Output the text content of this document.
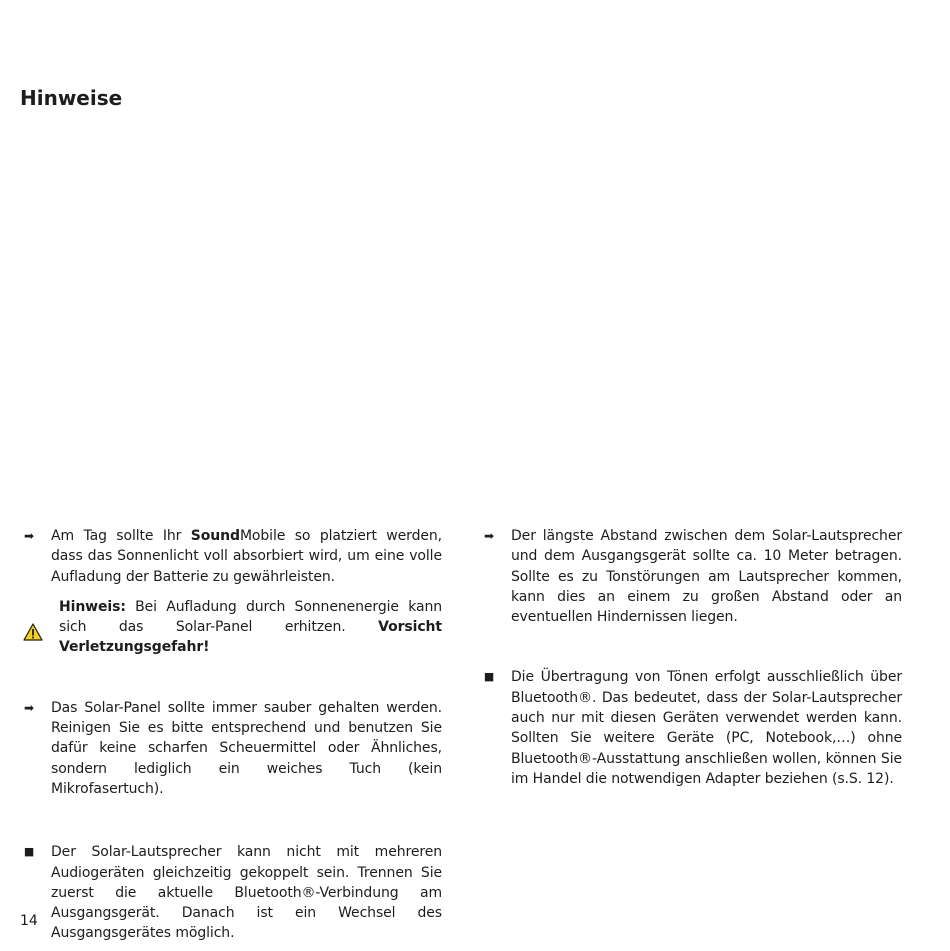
Hinweise
➡ Am Tag sollte Ihr SoundMobile so platziert werden, dass das Sonnenlicht voll absorbiert wird, um eine volle Aufladung der Batterie zu gewährleisten.

Hinweis: Bei Aufladung durch Sonnenenergie kann sich das Solar-Panel erhitzen. Vorsicht Verletzungsgefahr!

➡ Das Solar-Panel sollte immer sauber gehalten werden. Reinigen Sie es bitte entsprechend und benutzen Sie dafür keine scharfen Scheuermittel oder Ähnliches, sondern lediglich ein weiches Tuch (kein Mikrofasertuch).

■ Der Solar-Lautsprecher kann nicht mit mehreren Audiogeräten gleichzeitig gekoppelt sein. Trennen Sie zuerst die aktuelle Bluetooth®-Verbindung am Ausgangsgerät. Danach ist ein Wechsel des Ausgangsgerätes möglich.

➡ Der längste Abstand zwischen dem Solar-Lautsprecher und dem Ausgangsgerät sollte ca. 10 Meter betragen. Sollte es zu Tonstörungen am Lautsprecher kommen, kann dies an einem zu großen Abstand oder an eventuellen Hindernissen liegen.

■ Die Übertragung von Tönen erfolgt ausschließlich über Bluetooth®. Das bedeutet, dass der Solar-Lautsprecher auch nur mit diesen Geräten verwendet werden kann. Sollten Sie weitere Geräte (PC, Notebook,…) ohne Bluetooth®-Ausstattung anschließen wollen, können Sie im Handel die notwendigen Adapter beziehen (s.S. 12).

14
